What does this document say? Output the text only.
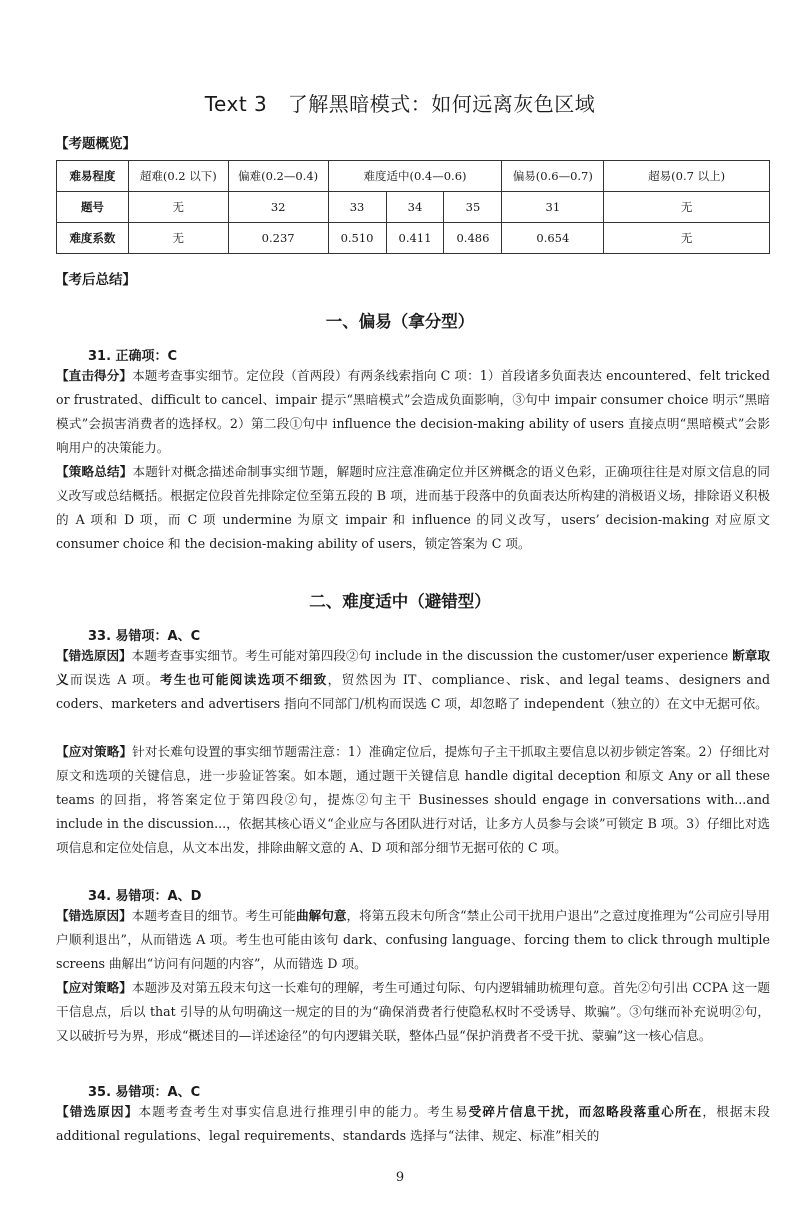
Text 3　了解黑暗模式：如何远离灰色区域
【考题概览】
难易程度	超难(0.2 以下)	偏难(0.2—0.4)	难度适中(0.4—0.6)			偏易(0.6—0.7)	超易(0.7 以上)
题号	无	32	33	34	35	31	无
难度系数	无	0.237	0.510	0.411	0.486	0.654	无
【考后总结】
一、偏易（拿分型）
31. 正确项：C
【直击得分】本题考查事实细节。定位段（首两段）有两条线索指向 C 项：1）首段诸多负面表达 encountered、felt tricked or frustrated、difficult to cancel、impair 提示“黑暗模式”会造成负面影响，③句中 impair consumer choice 明示“黑暗模式”会损害消费者的选择权。2）第二段①句中 influence the decision-making ability of users 直接点明“黑暗模式”会影响用户的决策能力。
【策略总结】本题针对概念描述命制事实细节题，解题时应注意准确定位并区辨概念的语义色彩，正确项往往是对原文信息的同义改写或总结概括。根据定位段首先排除定位至第五段的 B 项，进而基于段落中的负面表达所构建的消极语义场，排除语义积极的 A 项和 D 项，而 C 项 undermine 为原文 impair 和 influence 的同义改写，users’ decision-making 对应原文 consumer choice 和 the decision-making ability of users，锁定答案为 C 项。
二、难度适中（避错型）
33. 易错项：A、C
【错选原因】本题考查事实细节。考生可能对第四段②句 include in the discussion the customer/user experience 断章取义而误选 A 项。考生也可能阅读选项不细致，贸然因为 IT、compliance、risk、and legal teams、designers and coders、marketers and advertisers 指向不同部门/机构而误选 C 项，却忽略了 independent（独立的）在文中无据可依。
【应对策略】针对长难句设置的事实细节题需注意：1）准确定位后，提炼句子主干抓取主要信息以初步锁定答案。2）仔细比对原文和选项的关键信息，进一步验证答案。如本题，通过题干关键信息 handle digital deception 和原文 Any or all these teams 的回指，将答案定位于第四段②句，提炼②句主干 Businesses should engage in conversations with...and include in the discussion...，依据其核心语义“企业应与各团队进行对话，让多方人员参与会谈”可锁定 B 项。3）仔细比对选项信息和定位处信息，从文本出发，排除曲解文意的 A、D 项和部分细节无据可依的 C 项。
34. 易错项：A、D
【错选原因】本题考查目的细节。考生可能曲解句意，将第五段末句所含“禁止公司干扰用户退出”之意过度推理为“公司应引导用户顺利退出”，从而错选 A 项。考生也可能由该句 dark、confusing language、forcing them to click through multiple screens 曲解出“访问有问题的内容”，从而错选 D 项。
【应对策略】本题涉及对第五段末句这一长难句的理解，考生可通过句际、句内逻辑辅助梳理句意。首先②句引出 CCPA 这一题干信息点，后以 that 引导的从句明确这一规定的目的为“确保消费者行使隐私权时不受诱导、欺骗”。③句继而补充说明②句，又以破折号为界，形成“概述目的—详述途径”的句内逻辑关联，整体凸显“保护消费者不受干扰、蒙骗”这一核心信息。
35. 易错项：A、C
【错选原因】本题考查考生对事实信息进行推理引申的能力。考生易受碎片信息干扰，而忽略段落重心所在，根据末段 additional regulations、legal requirements、standards 选择与“法律、规定、标准”相关的
9
